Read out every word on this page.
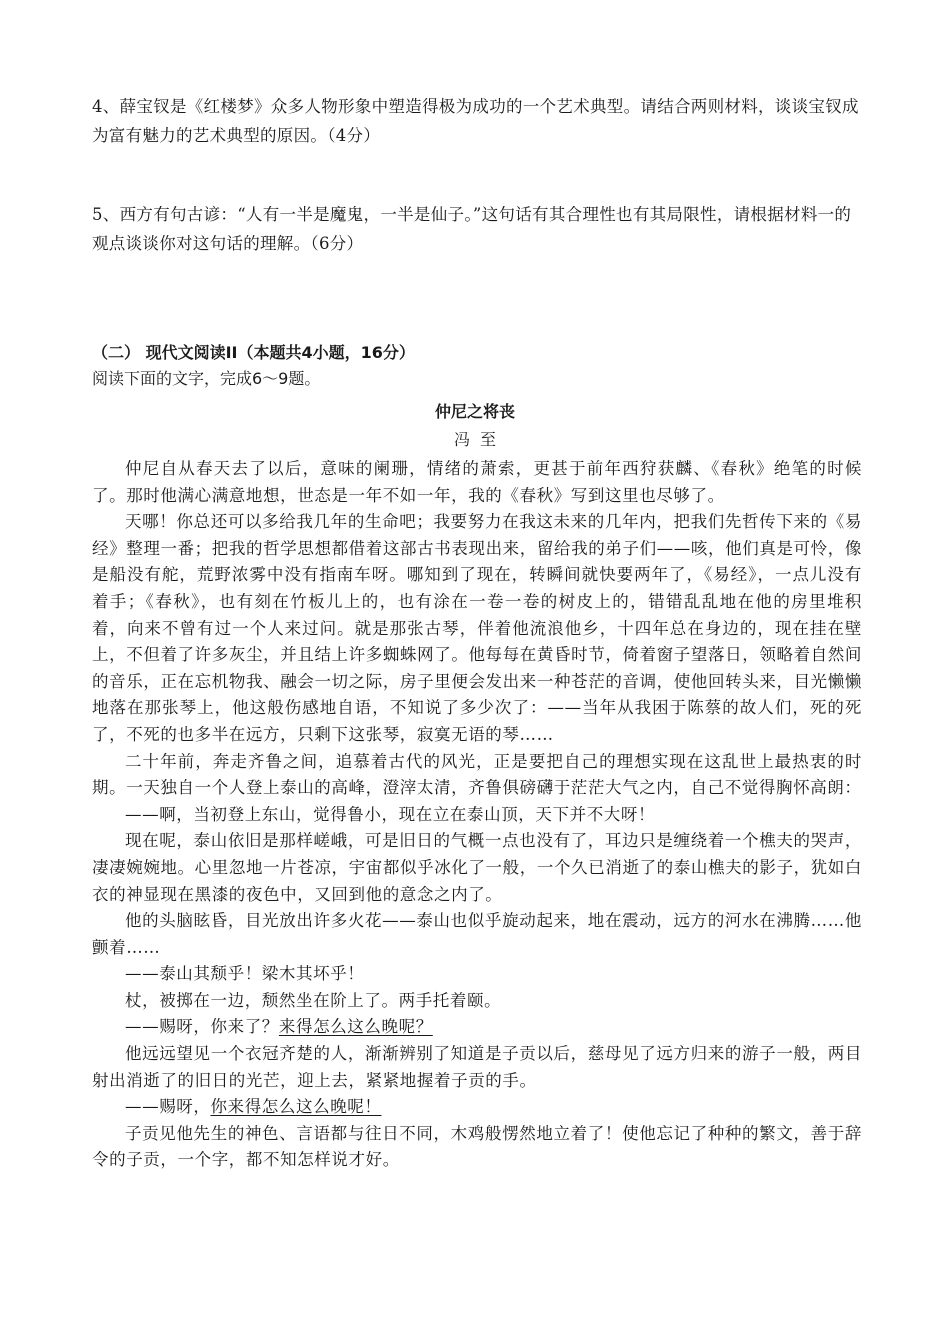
4、薛宝钗是《红楼梦》众多人物形象中塑造得极为成功的一个艺术典型。请结合两则材料，谈谈宝钗成为富有魅力的艺术典型的原因。（4分）
5、西方有句古谚：“人有一半是魔鬼，一半是仙子。”这句话有其合理性也有其局限性，请根据材料一的观点谈谈你对这句话的理解。（6分）
（二） 现代文阅读II（本题共4小题，16分）
阅读下面的文字，完成6～9题。
仲尼之将丧
冯至

仲尼自从春天去了以后，意味的阑珊，情绪的萧索，更甚于前年西狩获麟、《春秋》绝笔的时候了。那时他满心满意地想，世态是一年不如一年，我的《春秋》写到这里也尽够了。

天哪！你总还可以多给我几年的生命吧；我要努力在我这未来的几年内，把我们先哲传下来的《易经》整理一番；把我的哲学思想都借着这部古书表现出来，留给我的弟子们——咳，他们真是可怜，像是船没有舵，荒野浓雾中没有指南车呀。哪知到了现在，转瞬间就快要两年了，《易经》，一点儿没有着手；《春秋》，也有刻在竹板儿上的，也有涂在一卷一卷的树皮上的，错错乱乱地在他的房里堆积着，向来不曾有过一个人来过问。就是那张古琴，伴着他流浪他乡，十四年总在身边的，现在挂在壁上，不但着了许多灰尘，并且结上许多蜘蛛网了。他每每在黄昏时节，倚着窗子望落日，领略着自然间的音乐，正在忘机物我、融会一切之际，房子里便会发出来一种苍茫的音调，使他回转头来，目光懒懒地落在那张琴上，他这般伤感地自语，不知说了多少次了：——当年从我困于陈蔡的故人们，死的死了，不死的也多半在远方，只剩下这张琴，寂寞无语的琴……

二十年前，奔走齐鲁之间，追慕着古代的风光，正是要把自己的理想实现在这乱世上最热衷的时期。一天独自一个人登上泰山的高峰，澄滓太清，齐鲁俱磅礴于茫茫大气之内，自己不觉得胸怀高朗：

——啊，当初登上东山，觉得鲁小，现在立在泰山顶，天下并不大呀！

现在呢，泰山依旧是那样嵯峨，可是旧日的气概一点也没有了，耳边只是缠绕着一个樵夫的哭声，凄凄婉婉地。心里忽地一片苍凉，宇宙都似乎冰化了一般，一个久已消逝了的泰山樵夫的影子，犹如白衣的神显现在黑漆的夜色中，又回到他的意念之内了。

他的头脑眩昏，目光放出许多火花——泰山也似乎旋动起来，地在震动，远方的河水在沸腾……他颤着……

——泰山其颓乎！梁木其坏乎！

杖，被掷在一边，颓然坐在阶上了。两手托着颐。

——赐呀，你来了？来得怎么这么晚呢？

他远远望见一个衣冠齐楚的人，渐渐辨别了知道是子贡以后，慈母见了远方归来的游子一般，两目射出消逝了的旧日的光芒，迎上去，紧紧地握着子贡的手。

——赐呀，你来得怎么这么晚呢！

子贡见他先生的神色、言语都与往日不同，木鸡般愣然地立着了！使他忘记了种种的繁文，善于辞令的子贡，一个字，都不知怎样说才好。
